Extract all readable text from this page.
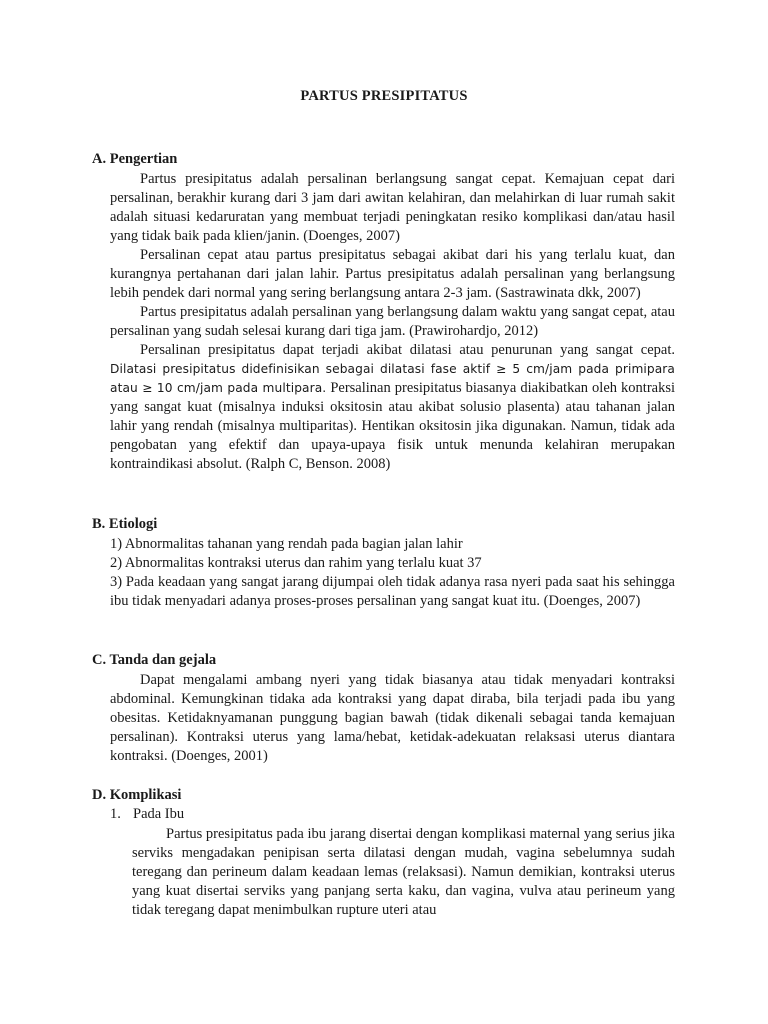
PARTUS PRESIPITATUS
A. Pengertian

Partus presipitatus adalah persalinan berlangsung sangat cepat. Kemajuan cepat dari persalinan, berakhir kurang dari 3 jam dari awitan kelahiran, dan melahirkan di luar rumah sakit adalah situasi kedaruratan yang membuat terjadi peningkatan resiko komplikasi dan/atau hasil yang tidak baik pada klien/janin. (Doenges, 2007)

Persalinan cepat atau partus presipitatus sebagai akibat dari his yang terlalu kuat, dan kurangnya pertahanan dari jalan lahir. Partus presipitatus adalah persalinan yang berlangsung lebih pendek dari normal yang sering berlangsung antara 2-3 jam. (Sastrawinata dkk, 2007)

Partus presipitatus adalah persalinan yang berlangsung dalam waktu yang sangat cepat, atau persalinan yang sudah selesai kurang dari tiga jam. (Prawirohardjo, 2012)

Persalinan presipitatus dapat terjadi akibat dilatasi atau penurunan yang sangat cepat. Dilatasi presipitatus didefinisikan sebagai dilatasi fase aktif ≥ 5 cm/jam pada primipara atau ≥ 10 cm/jam pada multipara. Persalinan presipitatus biasanya diakibatkan oleh kontraksi yang sangat kuat (misalnya induksi oksitosin atau akibat solusio plasenta) atau tahanan jalan lahir yang rendah (misalnya multiparitas). Hentikan oksitosin jika digunakan. Namun, tidak ada pengobatan yang efektif dan upaya-upaya fisik untuk menunda kelahiran merupakan kontraindikasi absolut. (Ralph C, Benson. 2008)

B. Etiologi
1) Abnormalitas tahanan yang rendah pada bagian jalan lahir
2) Abnormalitas kontraksi uterus dan rahim yang terlalu kuat 37
3) Pada keadaan yang sangat jarang dijumpai oleh tidak adanya rasa nyeri pada saat his sehingga ibu tidak menyadari adanya proses-proses persalinan yang sangat kuat itu. (Doenges, 2007)
C. Tanda dan gejala

Dapat mengalami ambang nyeri yang tidak biasanya atau tidak menyadari kontraksi abdominal. Kemungkinan tidaka ada kontraksi yang dapat diraba, bila terjadi pada ibu yang obesitas. Ketidaknyamanan punggung bagian bawah (tidak dikenali sebagai tanda kemajuan persalinan). Kontraksi uterus yang lama/hebat, ketidak-adekuatan relaksasi uterus diantara kontraksi. (Doenges, 2001)

D. Komplikasi
1. Pada Ibu

Partus presipitatus pada ibu jarang disertai dengan komplikasi maternal yang serius jika serviks mengadakan penipisan serta dilatasi dengan mudah, vagina sebelumnya sudah teregang dan perineum dalam keadaan lemas (relaksasi). Namun demikian, kontraksi uterus yang kuat disertai serviks yang panjang serta kaku, dan vagina, vulva atau perineum yang tidak teregang dapat menimbulkan rupture uteri atau
